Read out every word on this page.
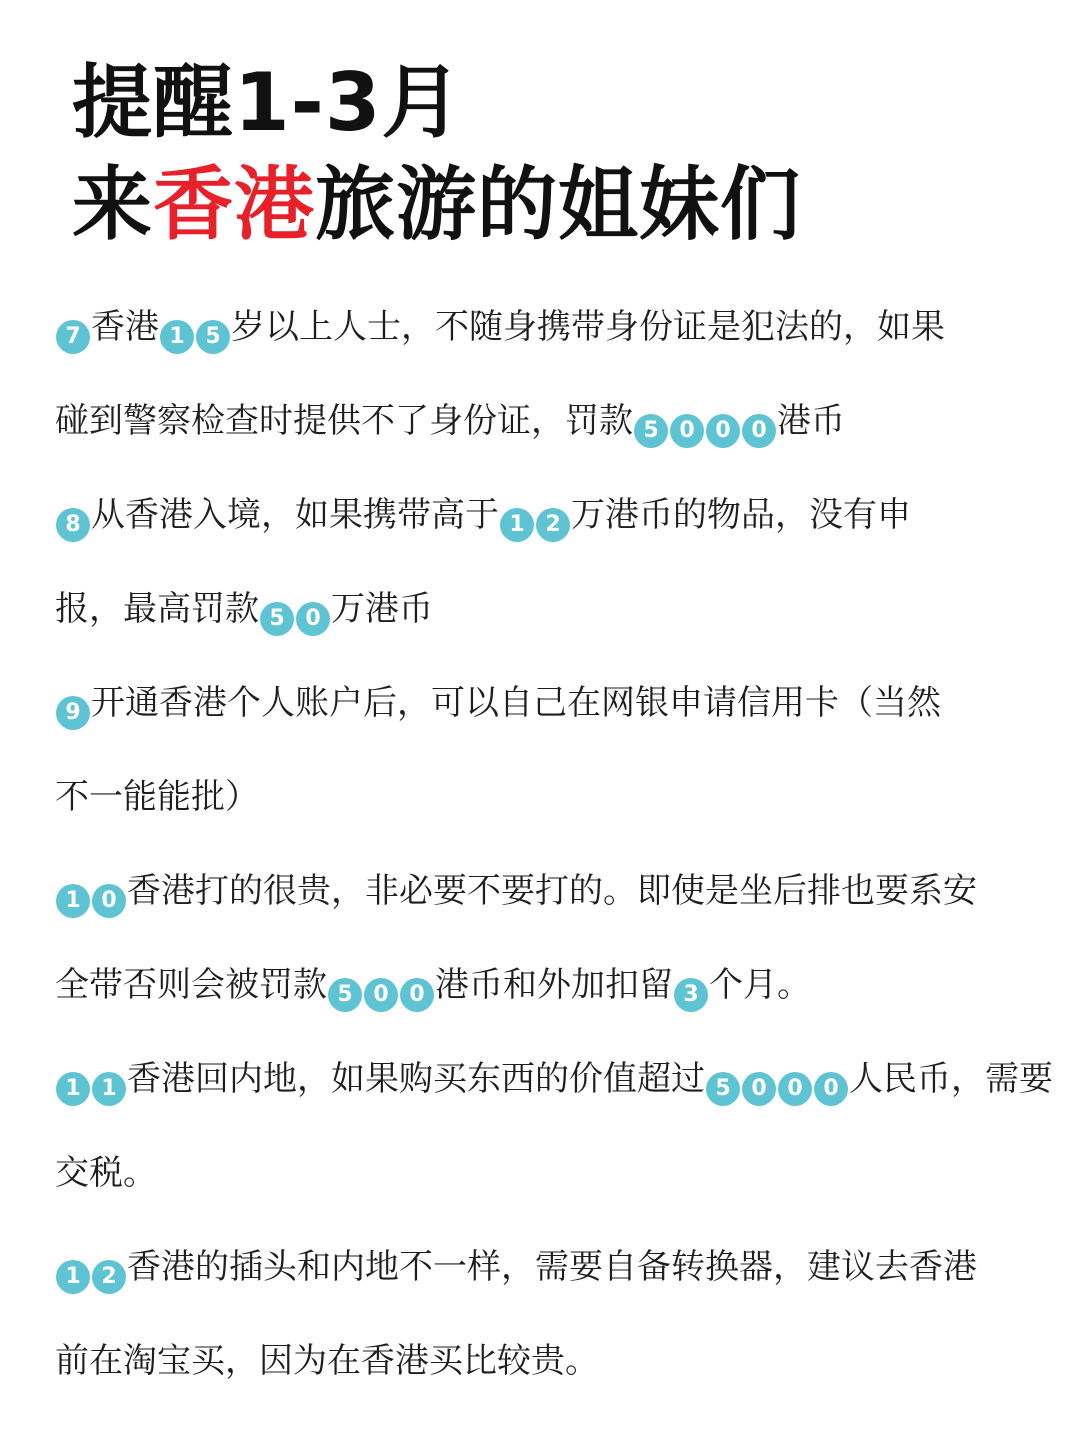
提醒1-3月
来香港旅游的姐妹们
7 香港 1 5 岁以上人士，不随身携带身份证是犯法的，如果
碰到警察检查时提供不了身份证，罚款 5 0 0 0 港币
8 从香港入境，如果携带高于 1 2 万港币的物品，没有申
报，最高罚款 5 0 万港币
9 开通香港个人账户后，可以自己在网银申请信用卡（当然
不一能能批）
1 0 香港打的很贵，非必要不要打的。即使是坐后排也要系安
全带否则会被罚款 5 0 0 港币和外加扣留 3 个月。
1 1 香港回内地，如果购买东西的价值超过 5 0 0 0 人民币，需要
交税。
1 2 香港的插头和内地不一样，需要自备转换器，建议去香港
前在淘宝买，因为在香港买比较贵。
